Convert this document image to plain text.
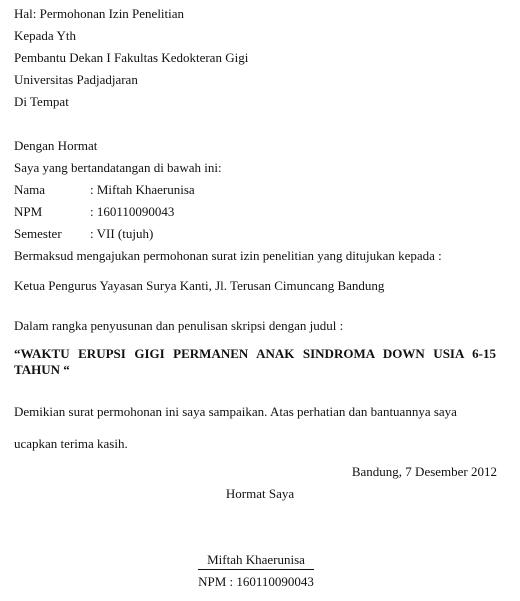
Hal: Permohonan Izin Penelitian
Kepada Yth
Pembantu Dekan I Fakultas Kedokteran Gigi
Universitas Padjadjaran
Di Tempat
Dengan Hormat
Saya yang bertandatangan di bawah ini:
Nama	: Miftah Khaerunisa
NPM	: 160110090043
Semester : VII (tujuh)
Bermaksud mengajukan permohonan surat izin penelitian yang ditujukan kepada :
Ketua Pengurus Yayasan Surya Kanti, Jl. Terusan Cimuncang Bandung
Dalam rangka penyusunan dan penulisan skripsi dengan judul :
“WAKTU ERUPSI GIGI PERMANEN ANAK SINDROMA DOWN USIA 6-15 TAHUN “
Demikian surat permohonan ini saya sampaikan. Atas perhatian dan bantuannya saya
ucapkan terima kasih.
Bandung, 7 Desember 2012
Hormat Saya
Miftah Khaerunisa
NPM : 160110090043
